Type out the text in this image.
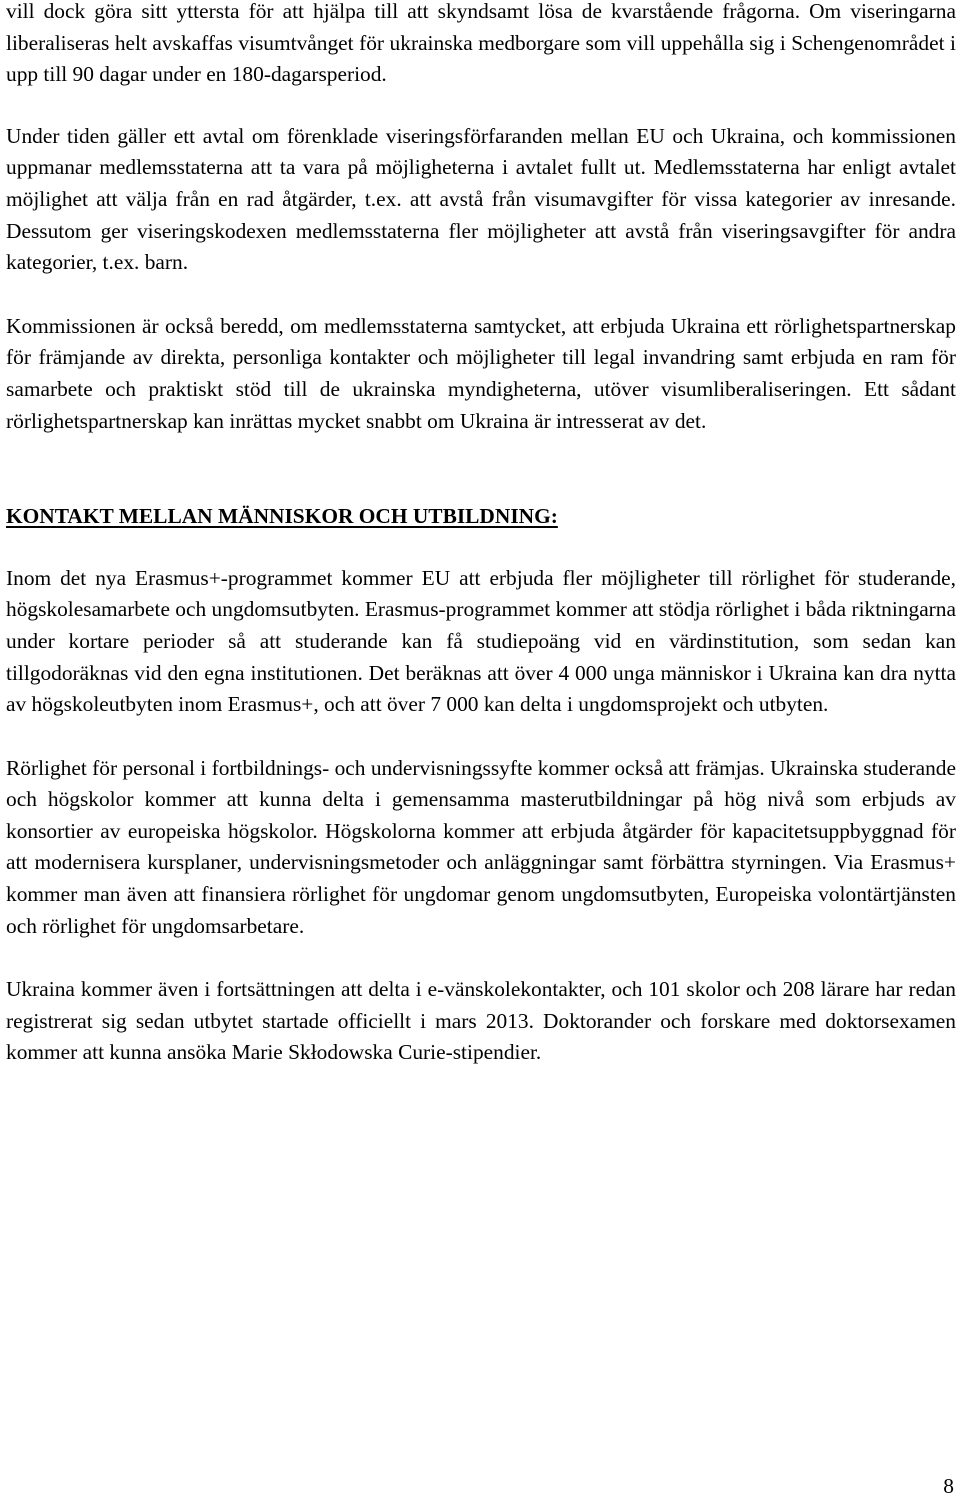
vill dock göra sitt yttersta för att hjälpa till att skyndsamt lösa de kvarstående frågorna. Om viseringarna liberaliseras helt avskaffas visumtvånget för ukrainska medborgare som vill uppehålla sig i Schengenområdet i upp till 90 dagar under en 180-dagarsperiod.

Under tiden gäller ett avtal om förenklade viseringsförfaranden mellan EU och Ukraina, och kommissionen uppmanar medlemsstaterna att ta vara på möjligheterna i avtalet fullt ut. Medlemsstaterna har enligt avtalet möjlighet att välja från en rad åtgärder, t.ex. att avstå från visumavgifter för vissa kategorier av inresande. Dessutom ger viseringskodexen medlemsstaterna fler möjligheter att avstå från viseringsavgifter för andra kategorier, t.ex. barn.

Kommissionen är också beredd, om medlemsstaterna samtycket, att erbjuda Ukraina ett rörlighetspartnerskap för främjande av direkta, personliga kontakter och möjligheter till legal invandring samt erbjuda en ram för samarbete och praktiskt stöd till de ukrainska myndigheterna, utöver visumliberaliseringen. Ett sådant rörlighetspartnerskap kan inrättas mycket snabbt om Ukraina är intresserat av det.

KONTAKT MELLAN MÄNNISKOR OCH UTBILDNING:

Inom det nya Erasmus+-programmet kommer EU att erbjuda fler möjligheter till rörlighet för studerande, högskolesamarbete och ungdomsutbyten. Erasmus-programmet kommer att stödja rörlighet i båda riktningarna under kortare perioder så att studerande kan få studiepoäng vid en värdinstitution, som sedan kan tillgodoräknas vid den egna institutionen. Det beräknas att över 4 000 unga människor i Ukraina kan dra nytta av högskoleutbyten inom Erasmus+, och att över 7 000 kan delta i ungdomsprojekt och utbyten.

Rörlighet för personal i fortbildnings- och undervisningssyfte kommer också att främjas. Ukrainska studerande och högskolor kommer att kunna delta i gemensamma masterutbildningar på hög nivå som erbjuds av konsortier av europeiska högskolor. Högskolorna kommer att erbjuda åtgärder för kapacitetsuppbyggnad för att modernisera kursplaner, undervisningsmetoder och anläggningar samt förbättra styrningen. Via Erasmus+ kommer man även att finansiera rörlighet för ungdomar genom ungdomsutbyten, Europeiska volontärtjänsten och rörlighet för ungdomsarbetare.

Ukraina kommer även i fortsättningen att delta i e-vänskolekontakter, och 101 skolor och 208 lärare har redan registrerat sig sedan utbytet startade officiellt i mars 2013. Doktorander och forskare med doktorsexamen kommer att kunna ansöka Marie Skłodowska Curie-stipendier.

8
